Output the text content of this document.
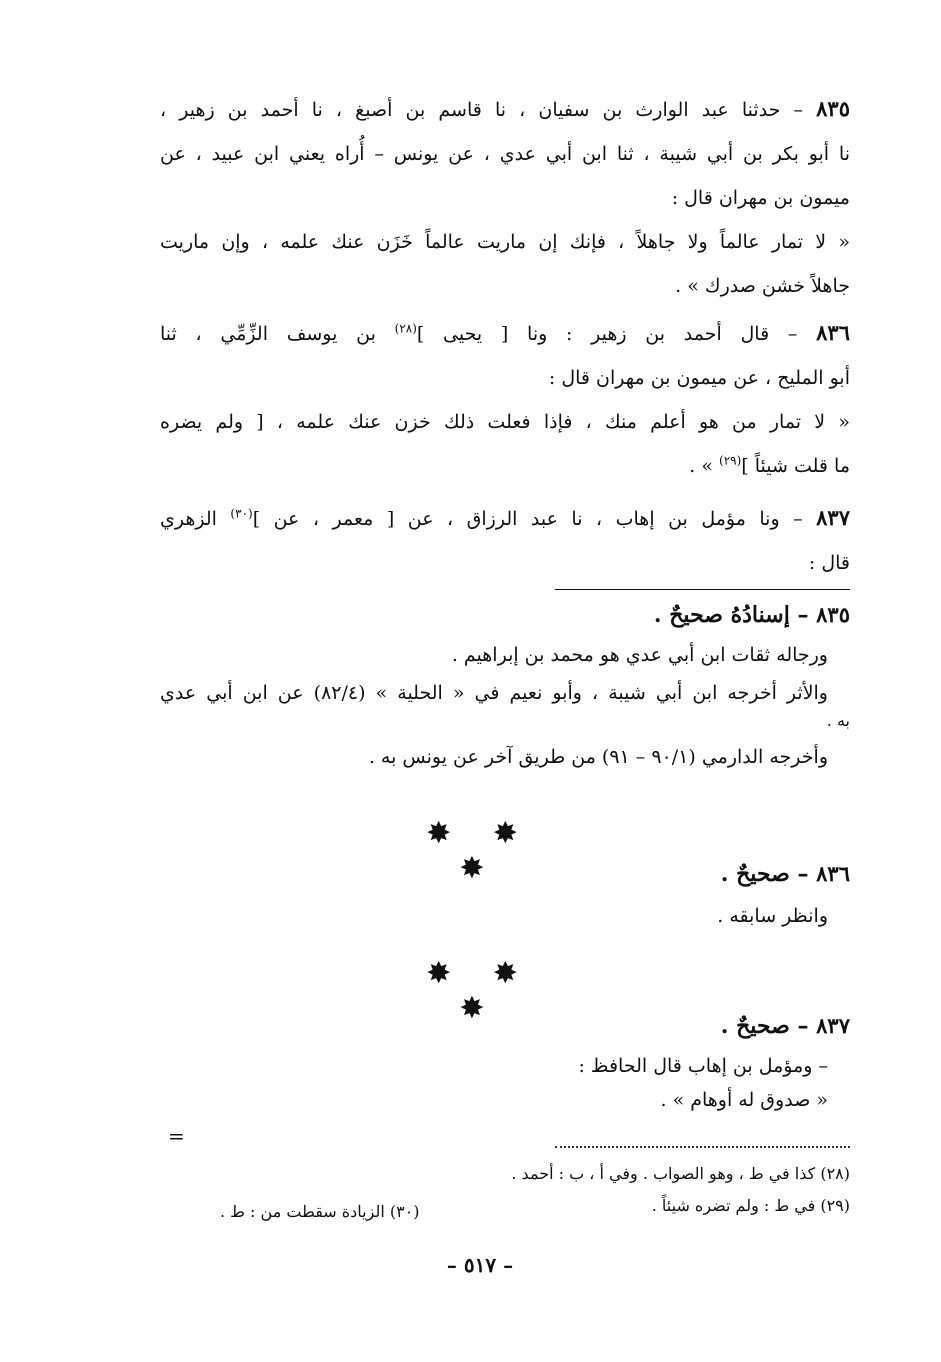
٨٣٥ – حدثنا عبد الوارث بن سفيان ، نا قاسم بن أصبغ ، نا أحمد بن زهير ،

نا أبو بكر بن أبي شيبة ، ثنا ابن أبي عدي ، عن يونس – أُراه يعني ابن عبيد ، عن

ميمون بن مهران قال :

« لا تمار عالماً ولا جاهلاً ، فإنك إن ماريت عالماً خَزَن عنك علمه ، وإن ماريت

جاهلاً خشن صدرك » .

٨٣٦ – قال أحمد بن زهير : ونا [ يحيى ]$^{(٢٨)}$ بن يوسف الزِّمِّي ، ثنا

أبو المليح ، عن ميمون بن مهران قال :

« لا تمار من هو أعلم منك ، فإذا فعلت ذلك خزن عنك علمه ، [ ولم يضره

ما قلت شيئاً ]$^{(٢٩)}$ » .

٨٣٧ – ونا مؤمل بن إهاب ، نا عبد الرزاق ، عن [ معمر ، عن ]$^{(٣٠)}$ الزهري

قال :

٨٣٥ – إسنادُهُ صحيحٌ .

ورجاله ثقات ابن أبي عدي هو محمد بن إبراهيم .

والأثر أخرجه ابن أبي شيبة ، وأبو نعيم في « الحلية » (٨٢/٤) عن ابن أبي عدي

به .

وأخرجه الدارمي (٩٠/١ – ٩١) من طريق آخر عن يونس به .

✸ ✸ ✸	٨٣٦ – صحيحٌ .

وانظر سابقه .

✸ ✸ ✸	٨٣٧ – صحيحٌ .

– ومؤمل بن إهاب قال الحافظ :

« صدوق له أوهام » .

=
(٢٨) كذا في ط ، وهو الصواب . وفي أ ، ب : أحمد .
(٢٩) في ط : ولم تضره شيئاً .
(٣٠) الزيادة سقطت من : ط .
– ٥١٧ –
